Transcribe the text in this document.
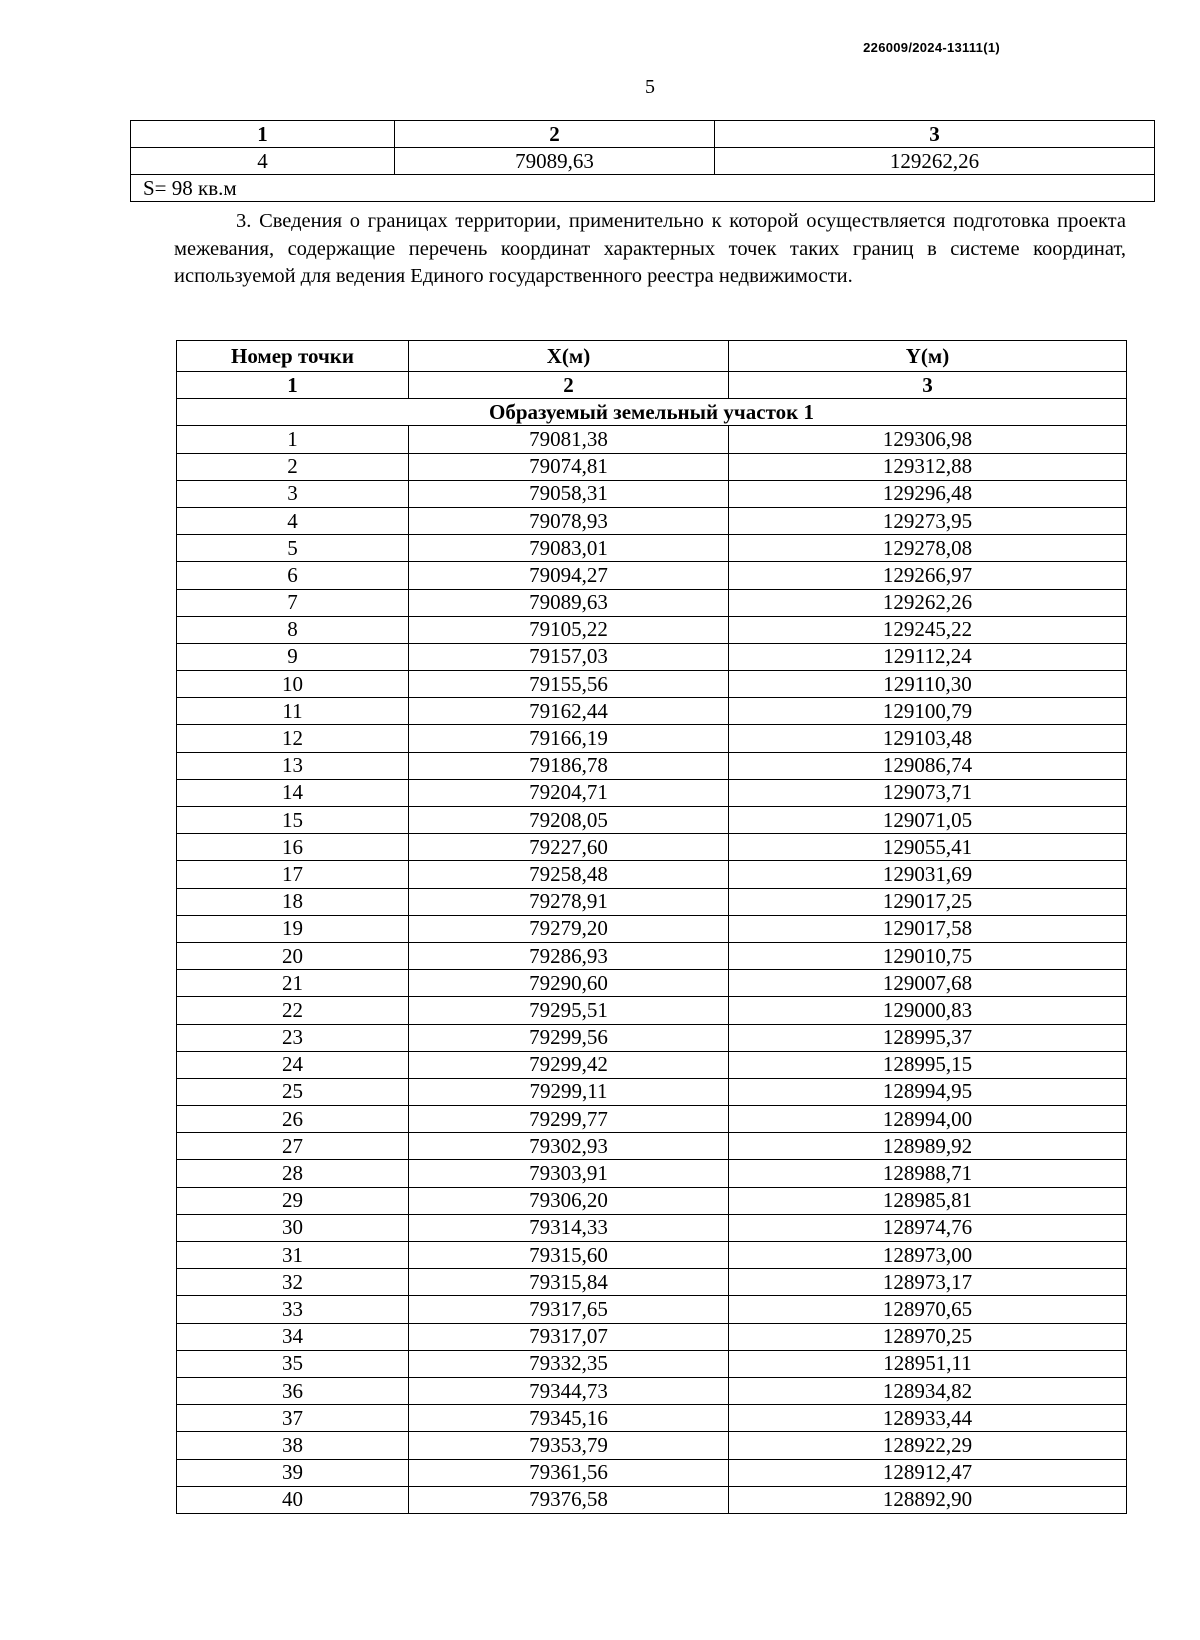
226009/2024-13111(1)
5
1	2	3
4	79089,63	129262,26
S= 98 кв.м		

3. Сведения о границах территории, применительно к которой осуществляется подготовка проекта межевания, содержащие перечень координат характерных точек таких границ в системе координат, используемой для ведения Единого государственного реестра недвижимости.

Номер точки	X(м)	Y(м)
1	2	3
Образуемый земельный участок 1		
1	79081,38	129306,98
2	79074,81	129312,88
3	79058,31	129296,48
4	79078,93	129273,95
5	79083,01	129278,08
6	79094,27	129266,97
7	79089,63	129262,26
8	79105,22	129245,22
9	79157,03	129112,24
10	79155,56	129110,30
11	79162,44	129100,79
12	79166,19	129103,48
13	79186,78	129086,74
14	79204,71	129073,71
15	79208,05	129071,05
16	79227,60	129055,41
17	79258,48	129031,69
18	79278,91	129017,25
19	79279,20	129017,58
20	79286,93	129010,75
21	79290,60	129007,68
22	79295,51	129000,83
23	79299,56	128995,37
24	79299,42	128995,15
25	79299,11	128994,95
26	79299,77	128994,00
27	79302,93	128989,92
28	79303,91	128988,71
29	79306,20	128985,81
30	79314,33	128974,76
31	79315,60	128973,00
32	79315,84	128973,17
33	79317,65	128970,65
34	79317,07	128970,25
35	79332,35	128951,11
36	79344,73	128934,82
37	79345,16	128933,44
38	79353,79	128922,29
39	79361,56	128912,47
40	79376,58	128892,90
